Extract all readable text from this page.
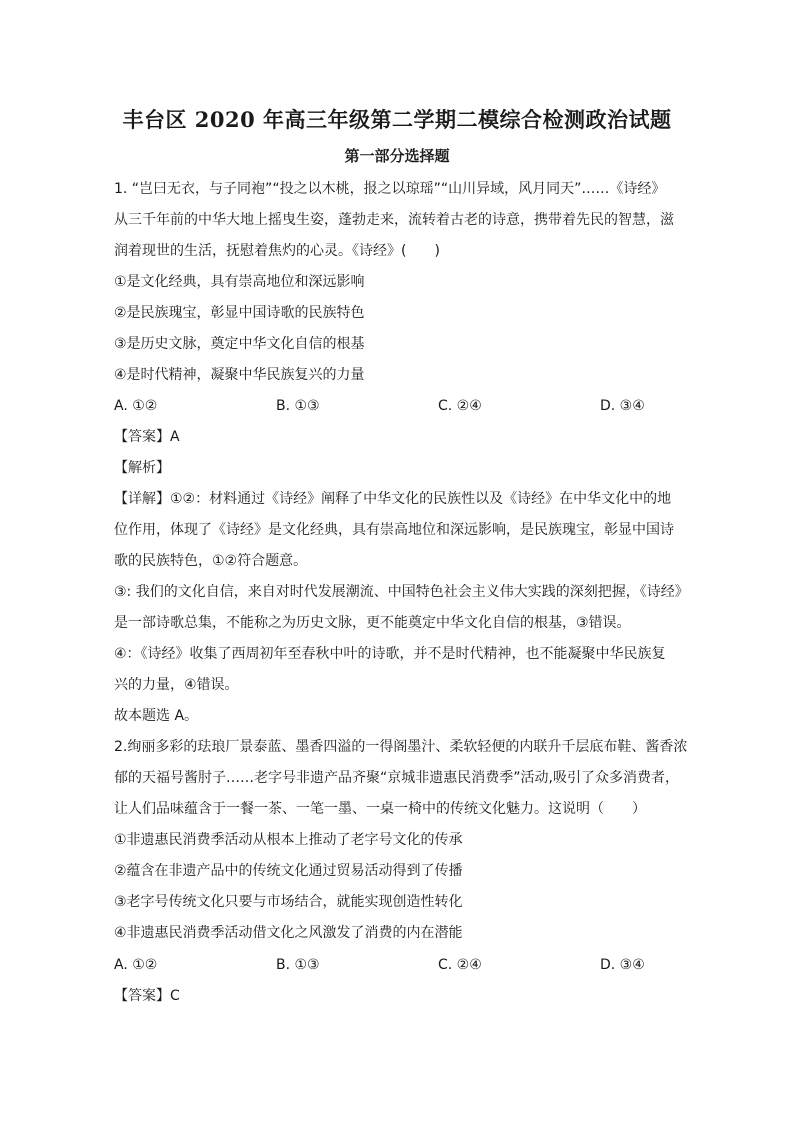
丰台区 2020 年高三年级第二学期二模综合检测政治试题
第一部分选择题
1. “岂曰无衣，与子同袍”“投之以木桃，报之以琼瑶”“山川异域，风月同天”……《诗经》
从三千年前的中华大地上摇曳生姿，蓬勃走来，流转着古老的诗意，携带着先民的智慧，滋
润着现世的生活，抚慰着焦灼的心灵。《诗经》(　　)
①是文化经典，具有崇高地位和深远影响
②是民族瑰宝，彰显中国诗歌的民族特色
③是历史文脉，奠定中华文化自信的根基
④是时代精神，凝聚中华民族复兴的力量
A. ①②	B. ①③	C. ②④	D. ③④
【答案】A
【解析】
【详解】①②：材料通过《诗经》阐释了中华文化的民族性以及《诗经》在中华文化中的地
位作用，体现了《诗经》是文化经典，具有崇高地位和深远影响，是民族瑰宝，彰显中国诗
歌的民族特色，①②符合题意。
③: 我们的文化自信，来自对时代发展潮流、中国特色社会主义伟大实践的深刻把握，《诗经》
是一部诗歌总集，不能称之为历史文脉，更不能奠定中华文化自信的根基，③错误。
④：《诗经》收集了西周初年至春秋中叶的诗歌，并不是时代精神，也不能凝聚中华民族复
兴的力量，④错误。
故本题选 A。
2.绚丽多彩的珐琅厂景泰蓝、墨香四溢的一得阁墨汁、柔软轻便的内联升千层底布鞋、酱香浓
郁的天福号酱肘子……老字号非遗产品齐聚“京城非遗惠民消费季”活动,吸引了众多消费者，
让人们品味蕴含于一餐一茶、一笔一墨、一桌一椅中的传统文化魅力。这说明（　　）
①非遗惠民消费季活动从根本上推动了老字号文化的传承
②蕴含在非遗产品中的传统文化通过贸易活动得到了传播
③老字号传统文化只要与市场结合，就能实现创造性转化
④非遗惠民消费季活动借文化之风激发了消费的内在潜能
A. ①②	B. ①③	C. ②④	D. ③④
【答案】C
